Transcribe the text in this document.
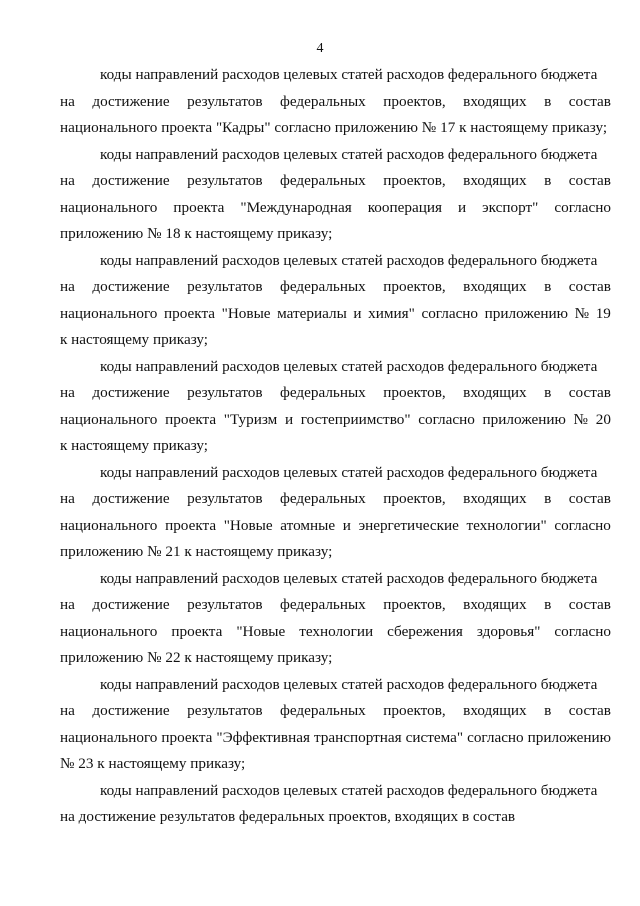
4
коды направлений расходов целевых статей расходов федерального бюджета
на достижение результатов федеральных проектов, входящих в состав
национального проекта "Кадры" согласно приложению № 17 к настоящему приказу;
коды направлений расходов целевых статей расходов федерального бюджета
на достижение результатов федеральных проектов, входящих в состав
национального проекта "Международная кооперация и экспорт" согласно
приложению № 18 к настоящему приказу;
коды направлений расходов целевых статей расходов федерального бюджета
на достижение результатов федеральных проектов, входящих в состав
национального проекта "Новые материалы и химия" согласно приложению № 19
к настоящему приказу;
коды направлений расходов целевых статей расходов федерального бюджета
на достижение результатов федеральных проектов, входящих в состав
национального проекта "Туризм и гостеприимство" согласно приложению № 20
к настоящему приказу;
коды направлений расходов целевых статей расходов федерального бюджета
на достижение результатов федеральных проектов, входящих в состав
национального проекта "Новые атомные и энергетические технологии" согласно
приложению № 21 к настоящему приказу;
коды направлений расходов целевых статей расходов федерального бюджета
на достижение результатов федеральных проектов, входящих в состав
национального проекта "Новые технологии сбережения здоровья" согласно
приложению № 22 к настоящему приказу;
коды направлений расходов целевых статей расходов федерального бюджета
на достижение результатов федеральных проектов, входящих в состав
национального проекта "Эффективная транспортная система" согласно приложению
№ 23 к настоящему приказу;
коды направлений расходов целевых статей расходов федерального бюджета
на достижение результатов федеральных проектов, входящих в состав
